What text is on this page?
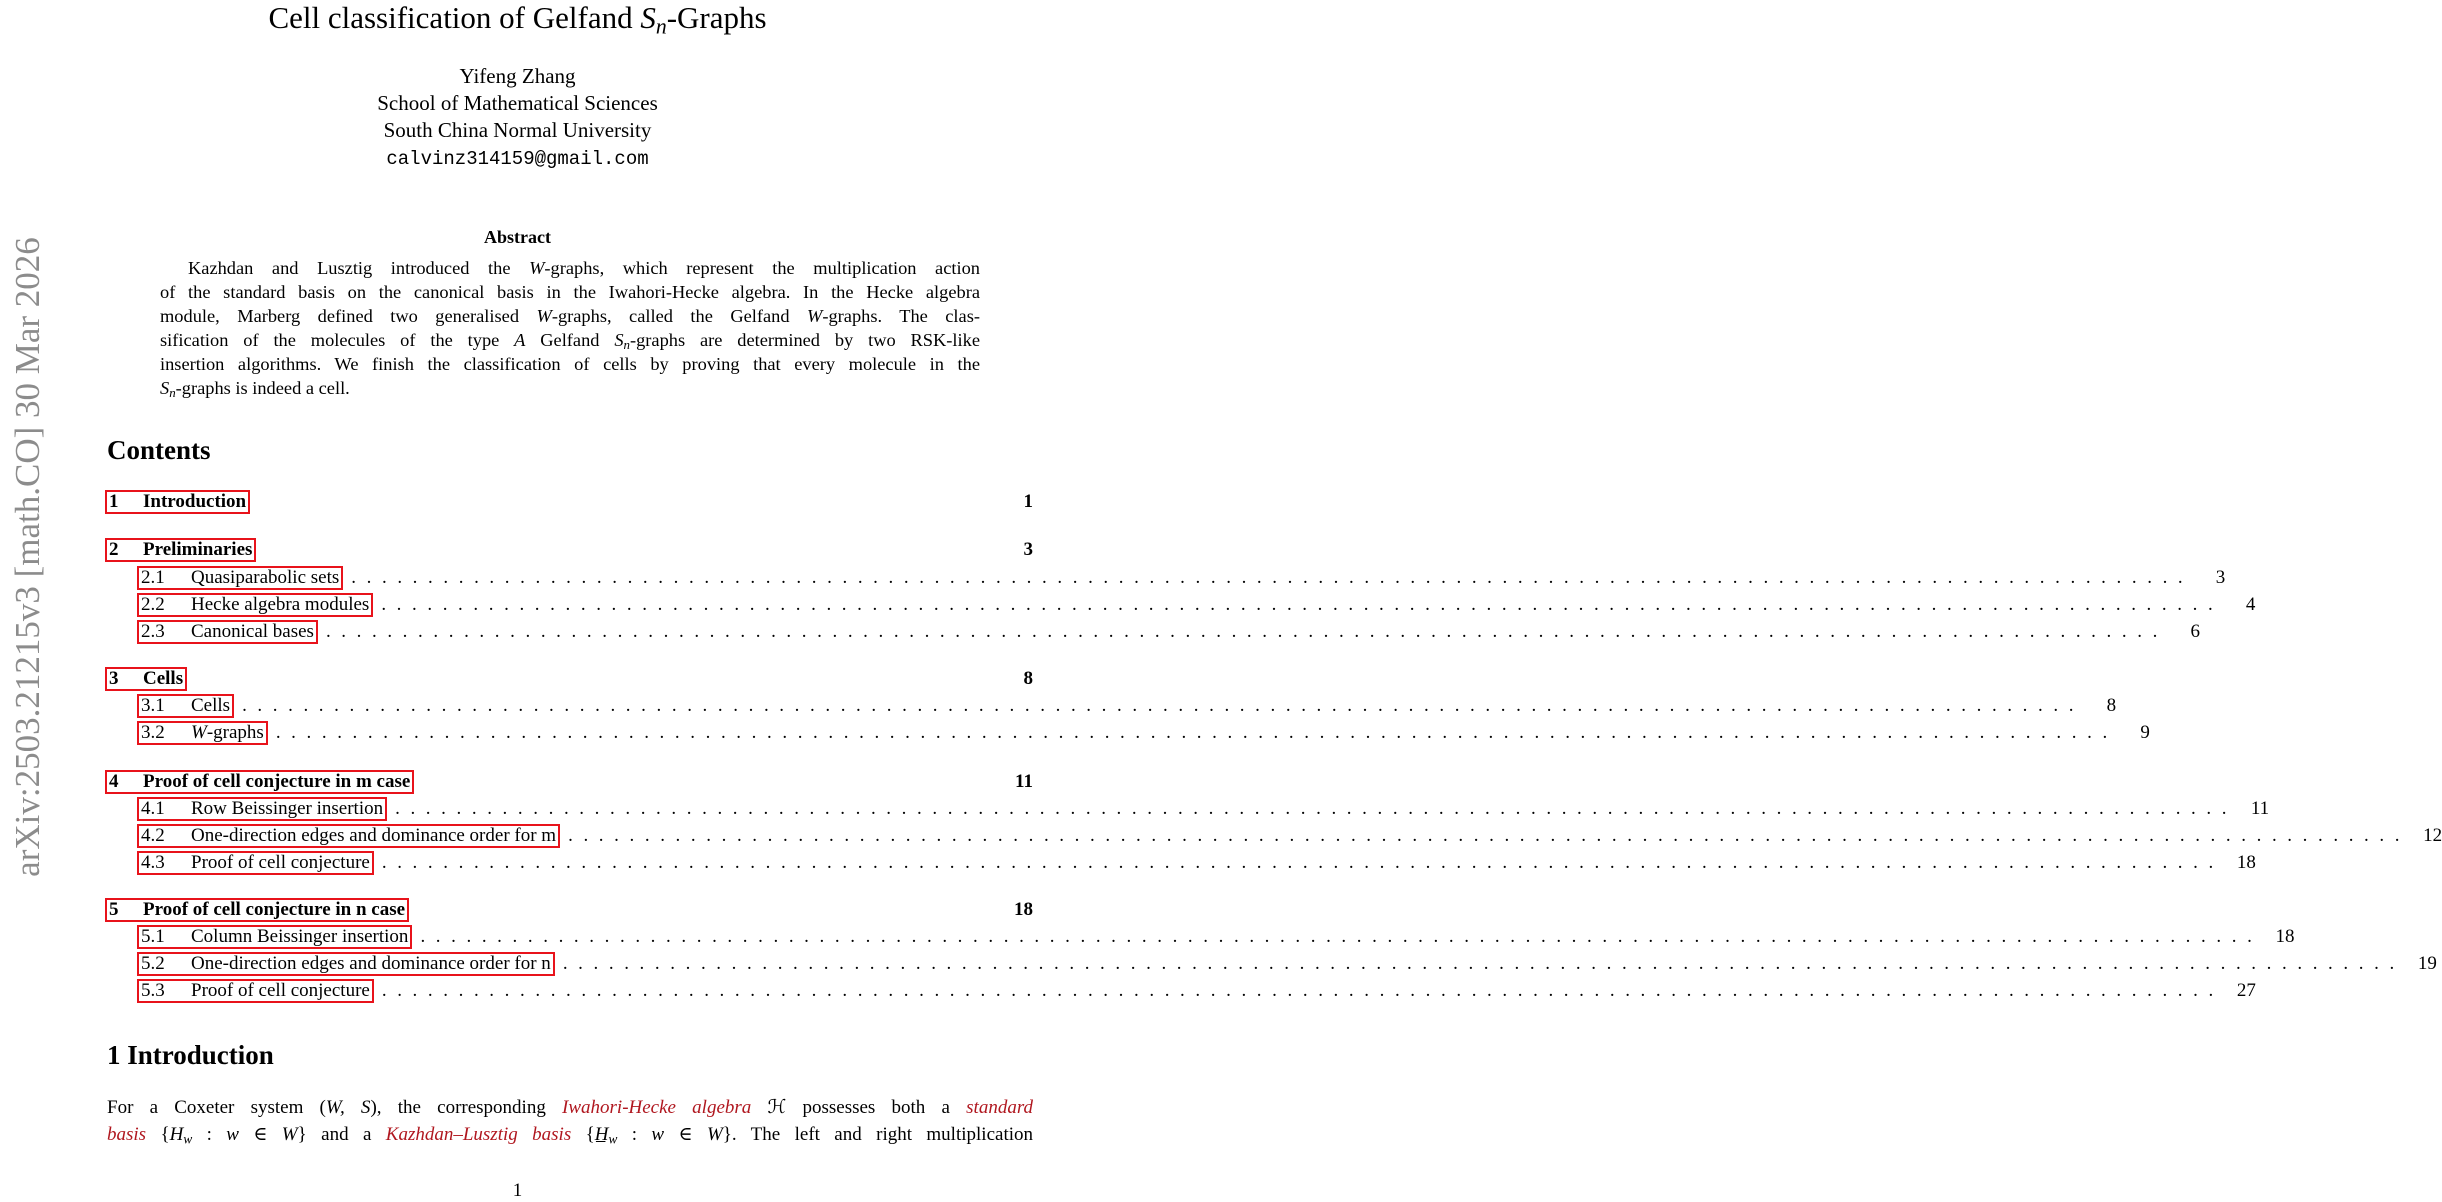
arXiv:2503.21215v3 [math.CO] 30 Mar 2026
Cell classification of Gelfand $S_n$-Graphs
Yifeng Zhang
School of Mathematical Sciences
South China Normal University
calvinz314159@gmail.com
Abstract
Kazhdan and Lusztig introduced the W-graphs, which represent the multiplication action
of the standard basis on the canonical basis in the Iwahori-Hecke algebra. In the Hecke algebra
module, Marberg defined two generalised W-graphs, called the Gelfand W-graphs. The clas-
sification of the molecules of the type A Gelfand $S_n$-graphs are determined by two RSK-like
insertion algorithms. We finish the classification of cells by proving that every molecule in the
$S_n$-graphs is indeed a cell.
Contents
1	Introduction	1
2	Preliminaries	3
2.1	Quasiparabolic sets ........................................................................................................................	3
2.2	Hecke algebra modules ........................................................................................................................	4
2.3	Canonical bases ........................................................................................................................	6
3	Cells	8
3.1	Cells ........................................................................................................................	8
3.2	W-graphs ........................................................................................................................	9
4	Proof of cell conjecture in m case	11
4.1	Row Beissinger insertion ........................................................................................................................ 11
4.2	One-direction edges and dominance order for m ........................................................................................................................ 12
4.3	Proof of cell conjecture ........................................................................................................................ 18
5	Proof of cell conjecture in n case	18
5.1	Column Beissinger insertion ........................................................................................................................ 18
5.2	One-direction edges and dominance order for n ........................................................................................................................ 19
5.3	Proof of cell conjecture ........................................................................................................................ 27
1 Introduction
For a Coxeter system (W, S), the corresponding Iwahori-Hecke algebra ℋ possesses both a standard
basis {$H_w$ : w ∈ W} and a Kazhdan–Lusztig basis {$H̲_w$ : w ∈ W}. The left and right multiplication
1
